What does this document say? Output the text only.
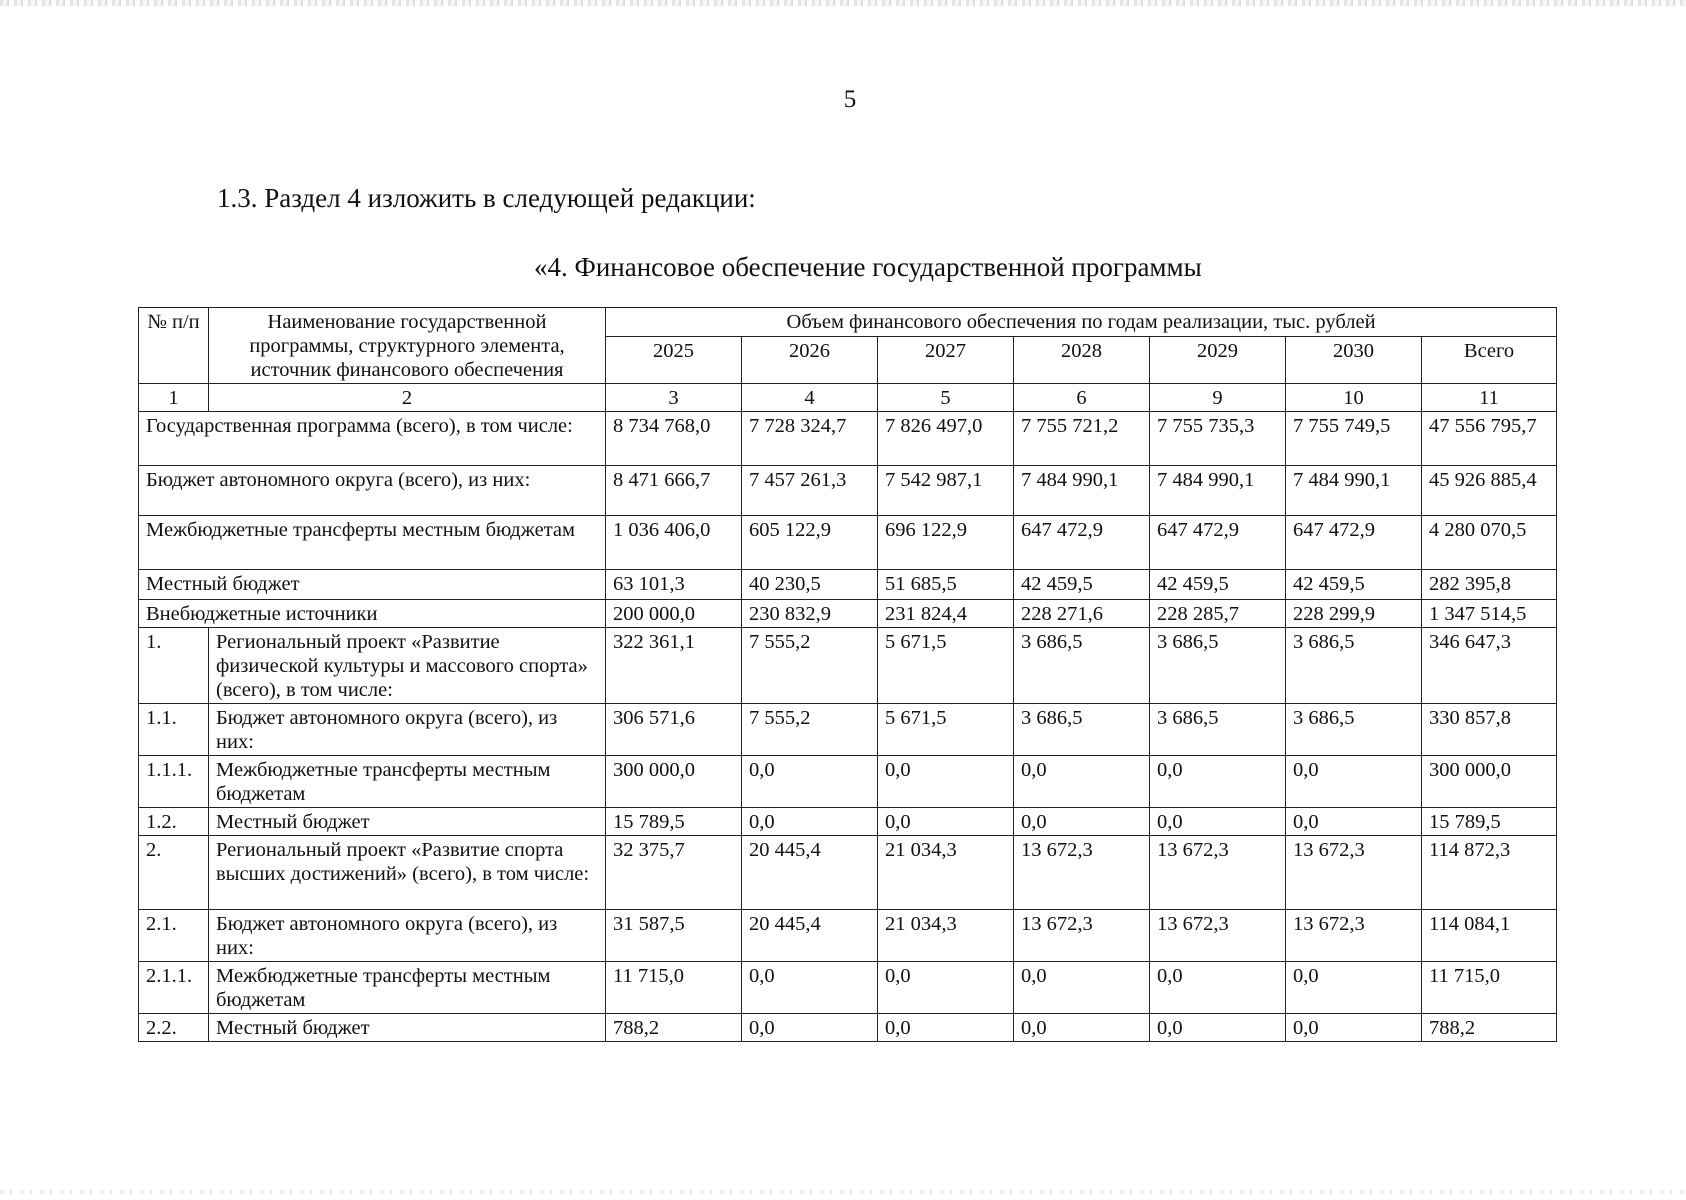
5
1.3. Раздел 4 изложить в следующей редакции:
«4. Финансовое обеспечение государственной программы
№ п/п	Наименование государственной программы, структурного элемента, источник финансового обеспечения	Объем финансового обеспечения по годам реализации, тыс. рублей						
		2025	2026	2027	2028	2029	2030	Всего
1	2	3	4	5	6	9	10	11
Государственная программа (всего), в том числе:		8 734 768,0	7 728 324,7	7 826 497,0	7 755 721,2	7 755 735,3	7 755 749,5	47 556 795,7
Бюджет автономного округа (всего), из них:		8 471 666,7	7 457 261,3	7 542 987,1	7 484 990,1	7 484 990,1	7 484 990,1	45 926 885,4
Межбюджетные трансферты местным бюджетам		1 036 406,0	605 122,9	696 122,9	647 472,9	647 472,9	647 472,9	4 280 070,5
Местный бюджет		63 101,3	40 230,5	51 685,5	42 459,5	42 459,5	42 459,5	282 395,8
Внебюджетные источники		200 000,0	230 832,9	231 824,4	228 271,6	228 285,7	228 299,9	1 347 514,5
1.	Региональный проект «Развитие физической культуры и массового спорта» (всего), в том числе:	322 361,1	7 555,2	5 671,5	3 686,5	3 686,5	3 686,5	346 647,3
1.1.	Бюджет автономного округа (всего), из них:	306 571,6	7 555,2	5 671,5	3 686,5	3 686,5	3 686,5	330 857,8
1.1.1.	Межбюджетные трансферты местным бюджетам	300 000,0	0,0	0,0	0,0	0,0	0,0	300 000,0
1.2.	Местный бюджет	15 789,5	0,0	0,0	0,0	0,0	0,0	15 789,5
2.	Региональный проект «Развитие спорта высших достижений» (всего), в том числе:	32 375,7	20 445,4	21 034,3	13 672,3	13 672,3	13 672,3	114 872,3
2.1.	Бюджет автономного округа (всего), из них:	31 587,5	20 445,4	21 034,3	13 672,3	13 672,3	13 672,3	114 084,1
2.1.1.	Межбюджетные трансферты местным бюджетам	11 715,0	0,0	0,0	0,0	0,0	0,0	11 715,0
2.2.	Местный бюджет	788,2	0,0	0,0	0,0	0,0	0,0	788,2
